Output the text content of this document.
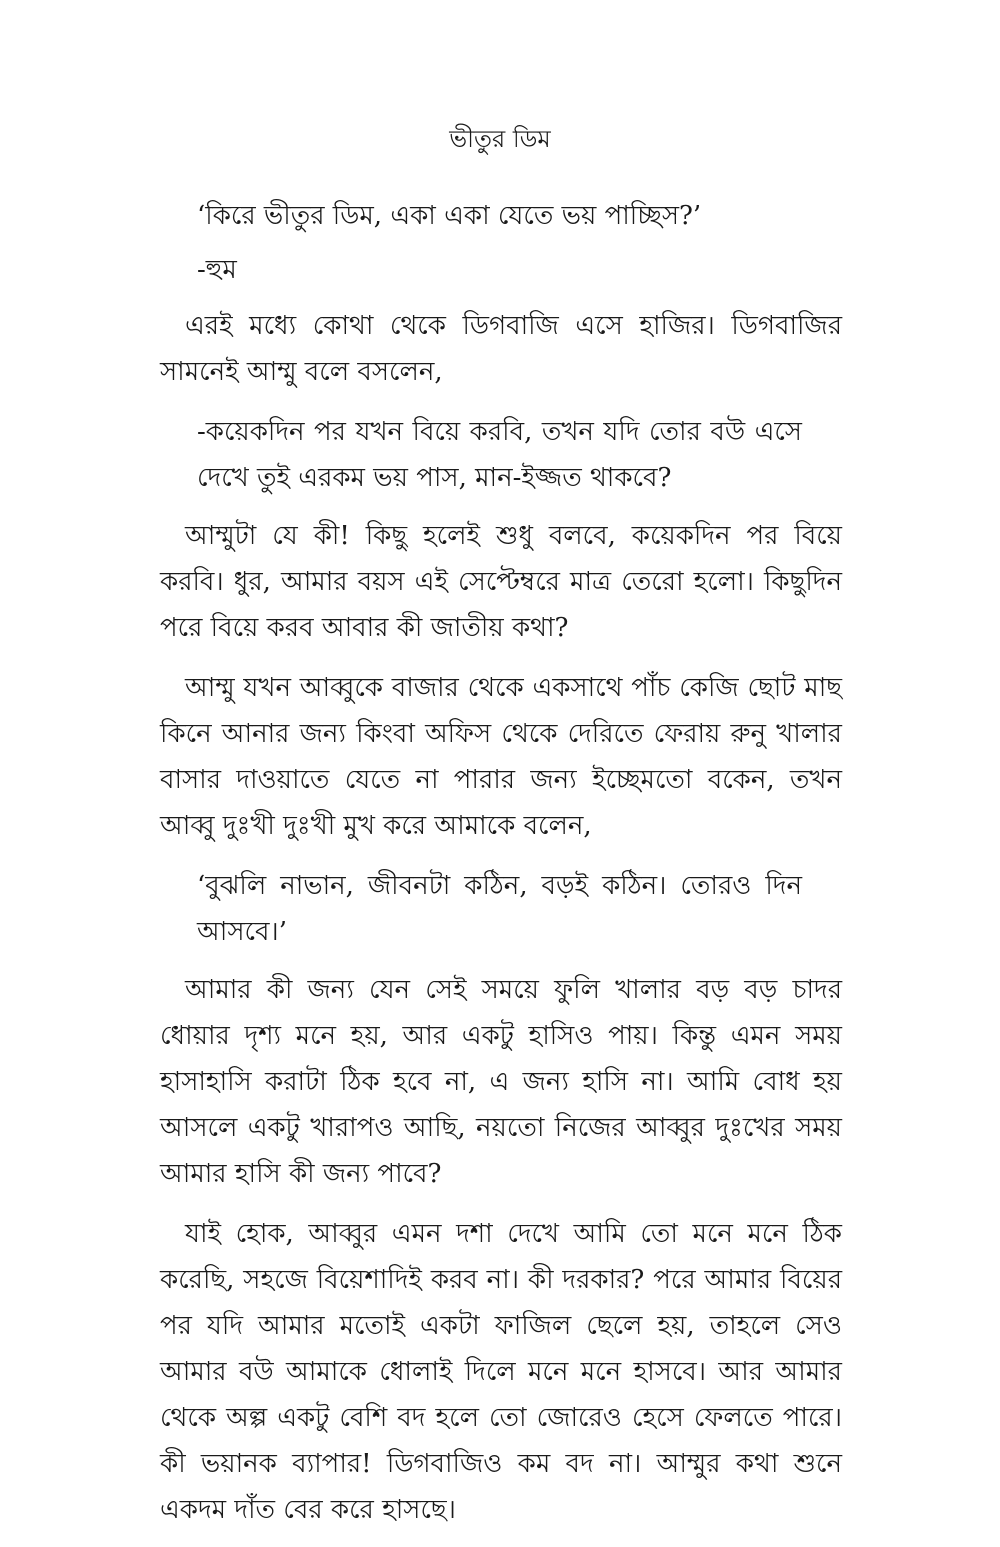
ভীতুর ডিম

‘কিরে ভীতুর ডিম, একা একা যেতে ভয় পাচ্ছিস?’

-হুম

এরই মধ্যে কোথা থেকে ডিগবাজি এসে হাজির। ডিগবাজির সামনেই আম্মু বলে বসলেন,

-কয়েকদিন পর যখন বিয়ে করবি, তখন যদি তোর বউ এসে দেখে তুই এরকম ভয় পাস, মান-ইজ্জত থাকবে?

আম্মুটা যে কী! কিছু হলেই শুধু বলবে, কয়েকদিন পর বিয়ে করবি। ধুর, আমার বয়স এই সেপ্টেম্বরে মাত্র তেরো হলো। কিছুদিন পরে বিয়ে করব আবার কী জাতীয় কথা?

আম্মু যখন আব্বুকে বাজার থেকে একসাথে পাঁচ কেজি ছোট মাছ কিনে আনার জন্য কিংবা অফিস থেকে দেরিতে ফেরায় রুনু খালার বাসার দাওয়াতে যেতে না পারার জন্য ইচ্ছেমতো বকেন, তখন আব্বু দুঃখী দুঃখী মুখ করে আমাকে বলেন,

‘বুঝলি নাভান, জীবনটা কঠিন, বড়ই কঠিন। তোরও দিন আসবে।’

আমার কী জন্য যেন সেই সময়ে ফুলি খালার বড় বড় চাদর ধোয়ার দৃশ্য মনে হয়, আর একটু হাসিও পায়। কিন্তু এমন সময় হাসাহাসি করাটা ঠিক হবে না, এ জন্য হাসি না। আমি বোধ হয় আসলে একটু খারাপও আছি, নয়তো নিজের আব্বুর দুঃখের সময় আমার হাসি কী জন্য পাবে?

যাই হোক, আব্বুর এমন দশা দেখে আমি তো মনে মনে ঠিক করেছি, সহজে বিয়েশাদিই করব না। কী দরকার? পরে আমার বিয়ের পর যদি আমার মতোই একটা ফাজিল ছেলে হয়, তাহলে সেও আমার বউ আমাকে ধোলাই দিলে মনে মনে হাসবে। আর আমার থেকে অল্প একটু বেশি বদ হলে তো জোরেও হেসে ফেলতে পারে। কী ভয়ানক ব্যাপার! ডিগবাজিও কম বদ না। আম্মুর কথা শুনে একদম দাঁত বের করে হাসছে।
